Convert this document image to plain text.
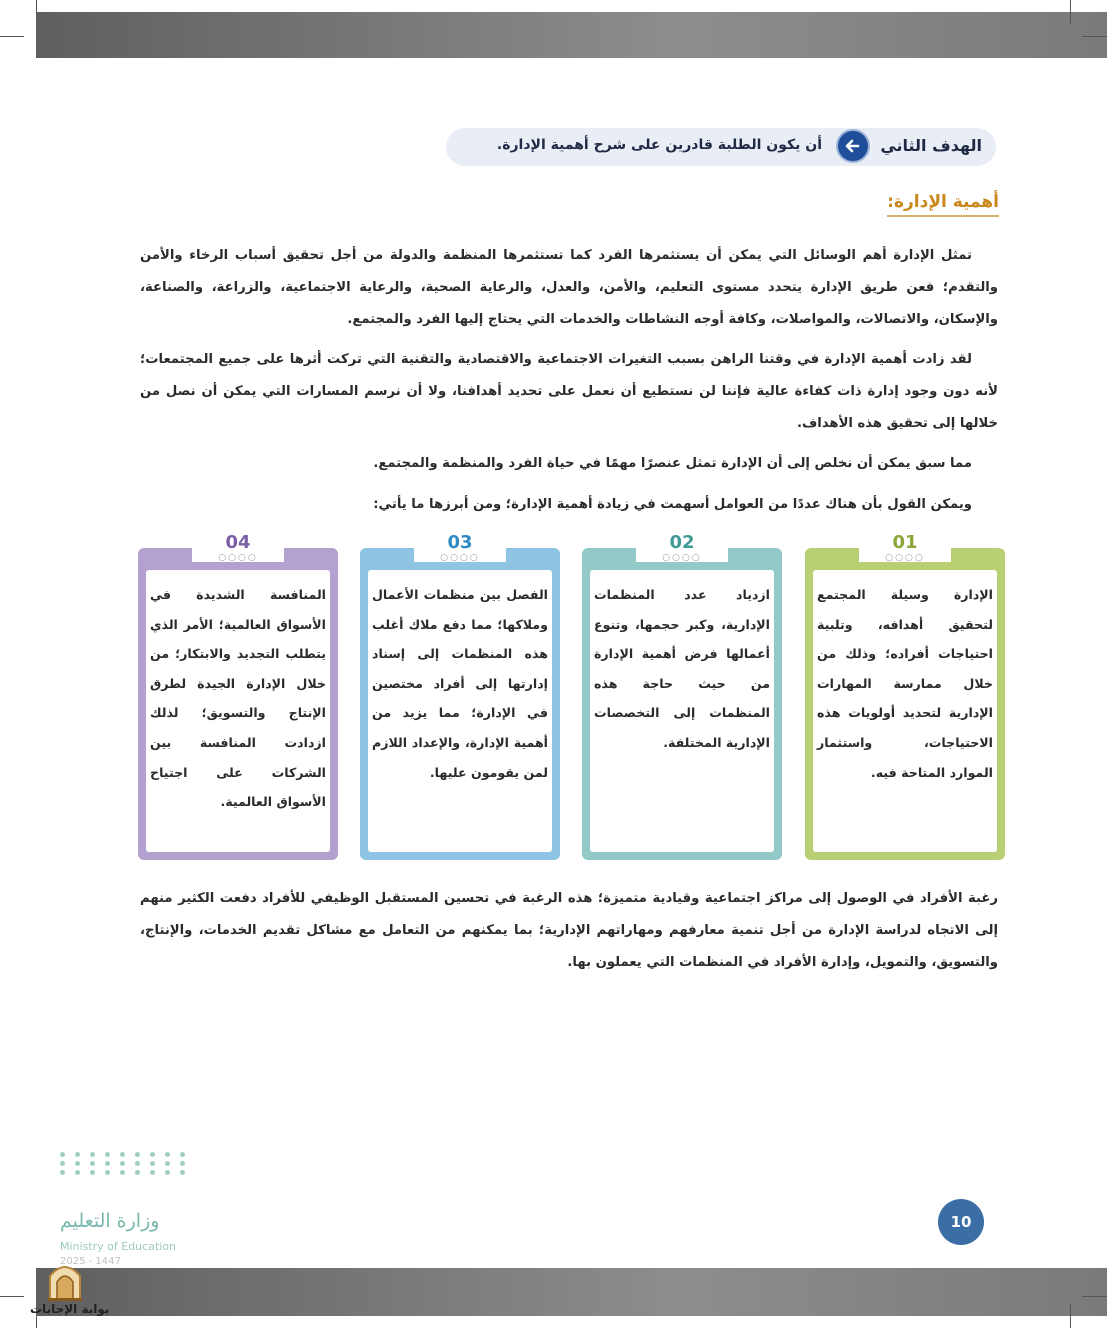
الهدف الثاني
أن يكون الطلبة قادرين على شرح أهمية الإدارة.
أهمية الإدارة:

تمثل الإدارة أهم الوسائل التي يمكن أن يستثمرها الفرد كما تستثمرها المنظمة والدولة من أجل تحقيق أسباب الرخاء والأمن والتقدم؛ فعن طريق الإدارة يتحدد مستوى التعليم، والأمن، والعدل، والرعاية الصحية، والرعاية الاجتماعية، والزراعة، والصناعة، والإسكان، والاتصالات، والمواصلات، وكافة أوجه النشاطات والخدمات التي يحتاج إليها الفرد والمجتمع.

لقد زادت أهمية الإدارة في وقتنا الراهن بسبب التغيرات الاجتماعية والاقتصادية والتقنية التي تركت أثرها على جميع المجتمعات؛ لأنه دون وجود إدارة ذات كفاءة عالية فإننا لن نستطيع أن نعمل على تحديد أهدافنا، ولا أن نرسم المسارات التي يمكن أن نصل من خلالها إلى تحقيق هذه الأهداف.

مما سبق يمكن أن نخلص إلى أن الإدارة تمثل عنصرًا مهمًا في حياة الفرد والمنظمة والمجتمع.

ويمكن القول بأن هناك عددًا من العوامل أسهمت في زيادة أهمية الإدارة؛ ومن أبرزها ما يأتي:

01
○○○○

الإدارة وسيلة المجتمع لتحقيق أهدافه، وتلبية احتياجات أفراده؛ وذلك من خلال ممارسة المهارات الإدارية لتحديد أولويات هذه الاحتياجات، واستثمار الموارد المتاحة فيه.

02
○○○○

ازدياد عدد المنظمات الإدارية، وكبر حجمها، وتنوع أعمالها فرض أهمية الإدارة من حيث حاجة هذه المنظمات إلى التخصصات الإدارية المختلفة.

03
○○○○

الفصل بين منظمات الأعمال وملاكها؛ مما دفع ملاك أغلب هذه المنظمات إلى إسناد إدارتها إلى أفراد مختصين في الإدارة؛ مما يزيد من أهمية الإدارة، والإعداد اللازم لمن يقومون عليها.

04
○○○○

المنافسة الشديدة في الأسواق العالمية؛ الأمر الذي يتطلب التجديد والابتكار؛ من خلال الإدارة الجيدة لطرق الإنتاج والتسويق؛ لذلك ازدادت المنافسة بين الشركات على اجتياح الأسواق العالمية.

رغبة الأفراد في الوصول إلى مراكز اجتماعية وقيادية متميزة؛ هذه الرغبة في تحسين المستقبل الوظيفي للأفراد دفعت الكثير منهم إلى الاتجاه لدراسة الإدارة من أجل تنمية معارفهم ومهاراتهم الإدارية؛ بما يمكنهم من التعامل مع مشاكل تقديم الخدمات، والإنتاج، والتسويق، والتمويل، وإدارة الأفراد في المنظمات التي يعملون بها.

وزارة التعليم
Ministry of Education
2025 - 1447
10
بوابة الإجابات
